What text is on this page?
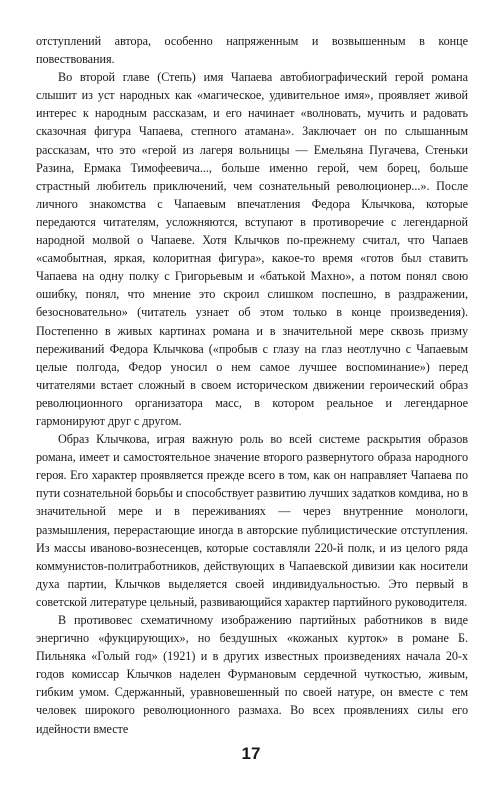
отступлений автора, особенно напряженным и возвышенным в конце повествования.

Во второй главе (Степь) имя Чапаева автобиографический герой романа слышит из уст народных как «магическое, удивительное имя», проявляет живой интерес к народным рассказам, и его начинает «волновать, мучить и радовать сказочная фигура Чапаева, степного атамана». Заключает он по слышанным рассказам, что это «герой из лагеря вольницы — Емельяна Пугачева, Стеньки Разина, Ермака Тимофеевича..., больше именно герой, чем борец, больше страстный любитель приключений, чем сознательный революционер...». После личного знакомства с Чапаевым впечатления Федора Клычкова, которые передаются читателям, усложняются, вступают в противоречие с легендарной народной молвой о Чапаеве. Хотя Клычков по-прежнему считал, что Чапаев «самобытная, яркая, колоритная фигура», какое-то время «готов был ставить Чапаева на одну полку с Григорьевым и «батькой Махно», а потом понял свою ошибку, понял, что мнение это скроил слишком поспешно, в раздражении, безосновательно» (читатель узнает об этом только в конце произведения). Постепенно в живых картинах романа и в значительной мере сквозь призму переживаний Федора Клычкова («пробыв с глазу на глаз неотлучно с Чапаевым целые полгода, Федор уносил о нем самое лучшее воспоминание») перед читателями встает сложный в своем историческом движении героический образ революционного организатора масс, в котором реальное и легендарное гармонируют друг с другом.

Образ Клычкова, играя важную роль во всей системе раскрытия образов романа, имеет и самостоятельное значение второго развернутого образа народного героя. Его характер проявляется прежде всего в том, как он направляет Чапаева по пути сознательной борьбы и способствует развитию лучших задатков комдива, но в значительной мере и в переживаниях — через внутренние монологи, размышления, перерастающие иногда в авторские публицистические отступления. Из массы иваново-вознесенцев, которые составляли 220-й полк, и из целого ряда коммунистов-политработников, действующих в Чапаевской дивизии как носители духа партии, Клычков выделяется своей индивидуальностью. Это первый в советской литературе цельный, развивающийся характер партийного руководителя.

В противовес схематичному изображению партийных работников в виде энергично «фукцирующих», но бездушных «кожаных курток» в романе Б. Пильняка «Голый год» (1921) и в других известных произведениях начала 20-х годов комиссар Клычков наделен Фурмановым сердечной чуткостью, живым, гибким умом. Сдержанный, уравновешенный по своей натуре, он вместе с тем человек широкого революционного размаха. Во всех проявлениях силы его идейности вместе

17
